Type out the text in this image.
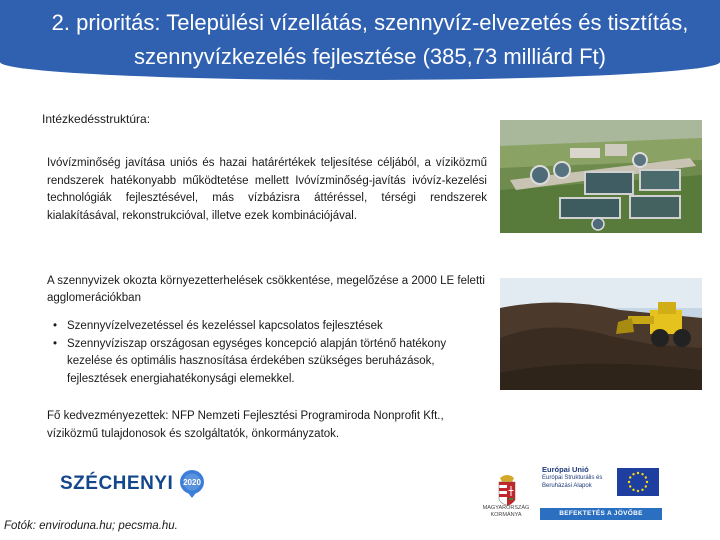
2. prioritás: Települési vízellátás, szennyvíz-elvezetés és tisztítás, szennyvízkezelés fejlesztése (385,73 milliárd Ft)
Intézkedésstruktúra:
Ivóvízminőség javítása uniós és hazai határértékek teljesítése céljából, a víziközmű rendszerek hatékonyabb működtetése mellett Ivóvízminőség-javítás ivóvíz-kezelési technológiák fejlesztésével, más vízbázisra áttéréssel, térségi rendszerek kialakításával, rekonstrukcióval, illetve ezek kombinációjával.
A szennyvizek okozta környezetterhelések csökkentése, megelőzése a 2000 LE feletti agglomerációkban
• Szennyvízelvezetéssel és kezeléssel kapcsolatos fejlesztések
• Szennyvíziszap országosan egységes koncepció alapján történő hatékony kezelése és optimális hasznosítása érdekében szükséges beruházások, fejlesztések energiahatékonysági elemekkel.
Fő kedvezményezettek: NFP Nemzeti Fejlesztési Programiroda Nonprofit Kft., víziközmű tulajdonosok és szolgáltatók, önkormányzatok.
Fotók: enviroduna.hu; pecsma.hu.
SZÉCHENYI 2020
MAGYARORSZÁG KORMÁNYA
Európai Unió
Európai Strukturális és Beruházási Alapok
BEFEKTETÉS A JÖVŐBE
